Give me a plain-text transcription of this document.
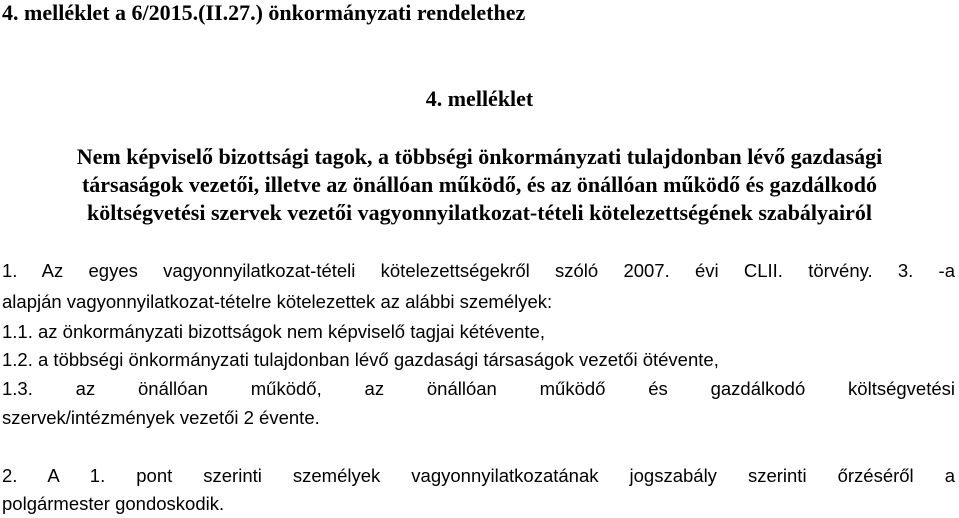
4. melléklet a 6/2015.(II.27.) önkormányzati rendelethez
4. melléklet
Nem képviselő bizottsági tagok, a többségi önkormányzati tulajdonban lévő gazdasági
társaságok vezetői, illetve az önállóan működő, és az önállóan működő és gazdálkodó
költségvetési szervek vezetői vagyonnyilatkozat-tételi kötelezettségének szabályairól
1. Az egyes vagyonnyilatkozat-tételi kötelezettségekről szóló 2007. évi CLII. törvény. 3. -a
alapján vagyonnyilatkozat-tételre kötelezettek az alábbi személyek:
1.1. az önkormányzati bizottságok nem képviselő tagjai kétévente,
1.2. a többségi önkormányzati tulajdonban lévő gazdasági társaságok vezetői ötévente,
1.3. az önállóan működő, az önállóan működő és gazdálkodó költségvetési
szervek/intézmények vezetői 2 évente.
2. A 1. pont szerinti személyek vagyonnyilatkozatának jogszabály szerinti őrzéséről a
polgármester gondoskodik.
